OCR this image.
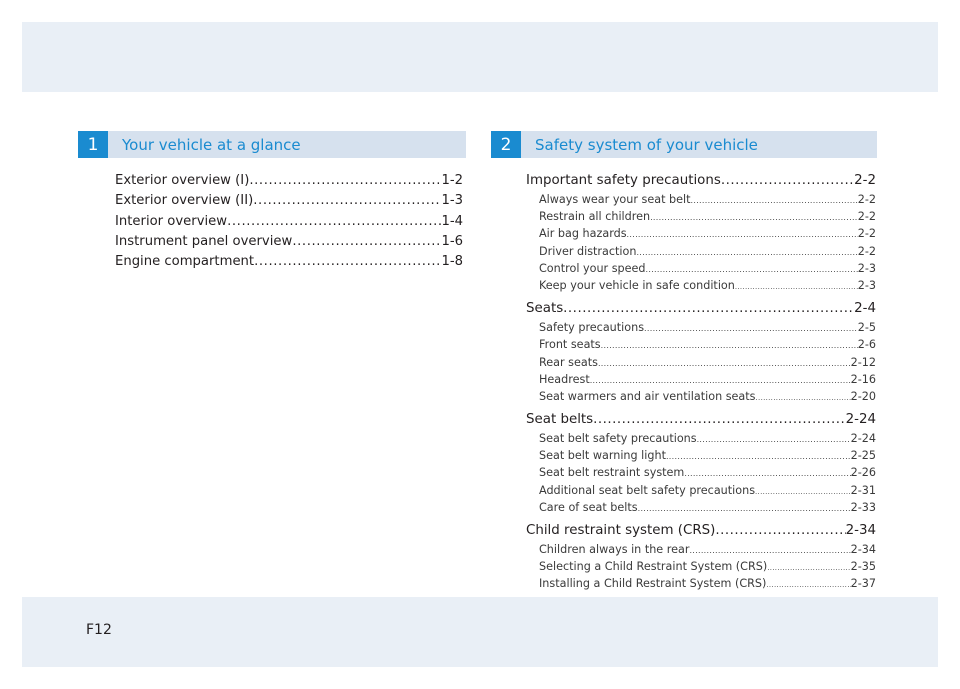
1	Your vehicle at a glance
Exterior overview (I) .....	1-2
Exterior overview (II) .....	1-3
Interior overview .....	1-4
Instrument panel overview .....	1-6
Engine compartment .....	1-8
2	Safety system of your vehicle
Important safety precautions .....	2-2
Always wear your seat belt .....	2-2
Restrain all children .....	2-2
Air bag hazards .....	2-2
Driver distraction .....	2-2
Control your speed .....	2-3
Keep your vehicle in safe condition .....	2-3
Seats .....	2-4
Safety precautions .....	2-5
Front seats .....	2-6
Rear seats .....	2-12
Headrest .....	2-16
Seat warmers and air ventilation seats .....	2-20
Seat belts .....	2-24
Seat belt safety precautions .....	2-24
Seat belt warning light .....	2-25
Seat belt restraint system .....	2-26
Additional seat belt safety precautions .....	2-31
Care of seat belts .....	2-33
Child restraint system (CRS) .....	2-34
Children always in the rear .....	2-34
Selecting a Child Restraint System (CRS) .....	2-35
Installing a Child Restraint System (CRS) .....	2-37
F12
